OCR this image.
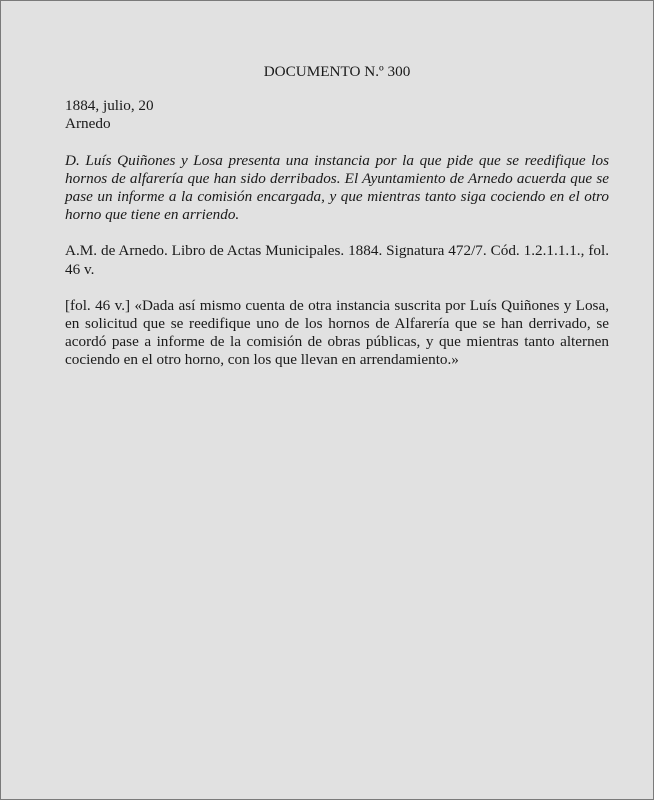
DOCUMENTO N.º 300
1884, julio, 20
Arnedo

D. Luís Quiñones y Losa presenta una instancia por la que pide que se reedifique los hornos de alfarería que han sido derribados. El Ayuntamiento de Arnedo acuerda que se pase un informe a la comisión encargada, y que mientras tanto siga cociendo en el otro horno que tiene en arriendo.

A.M. de Arnedo. Libro de Actas Municipales. 1884. Signatura 472/7. Cód. 1.2.1.1.1., fol. 46 v.

[fol. 46 v.] «Dada así mismo cuenta de otra instancia suscrita por Luís Quiñones y Losa, en solicitud que se reedifique uno de los hornos de Alfarería que se han derrivado, se acordó pase a informe de la comisión de obras públicas, y que mientras tanto alternen cociendo en el otro horno, con los que llevan en arrendamiento.»
